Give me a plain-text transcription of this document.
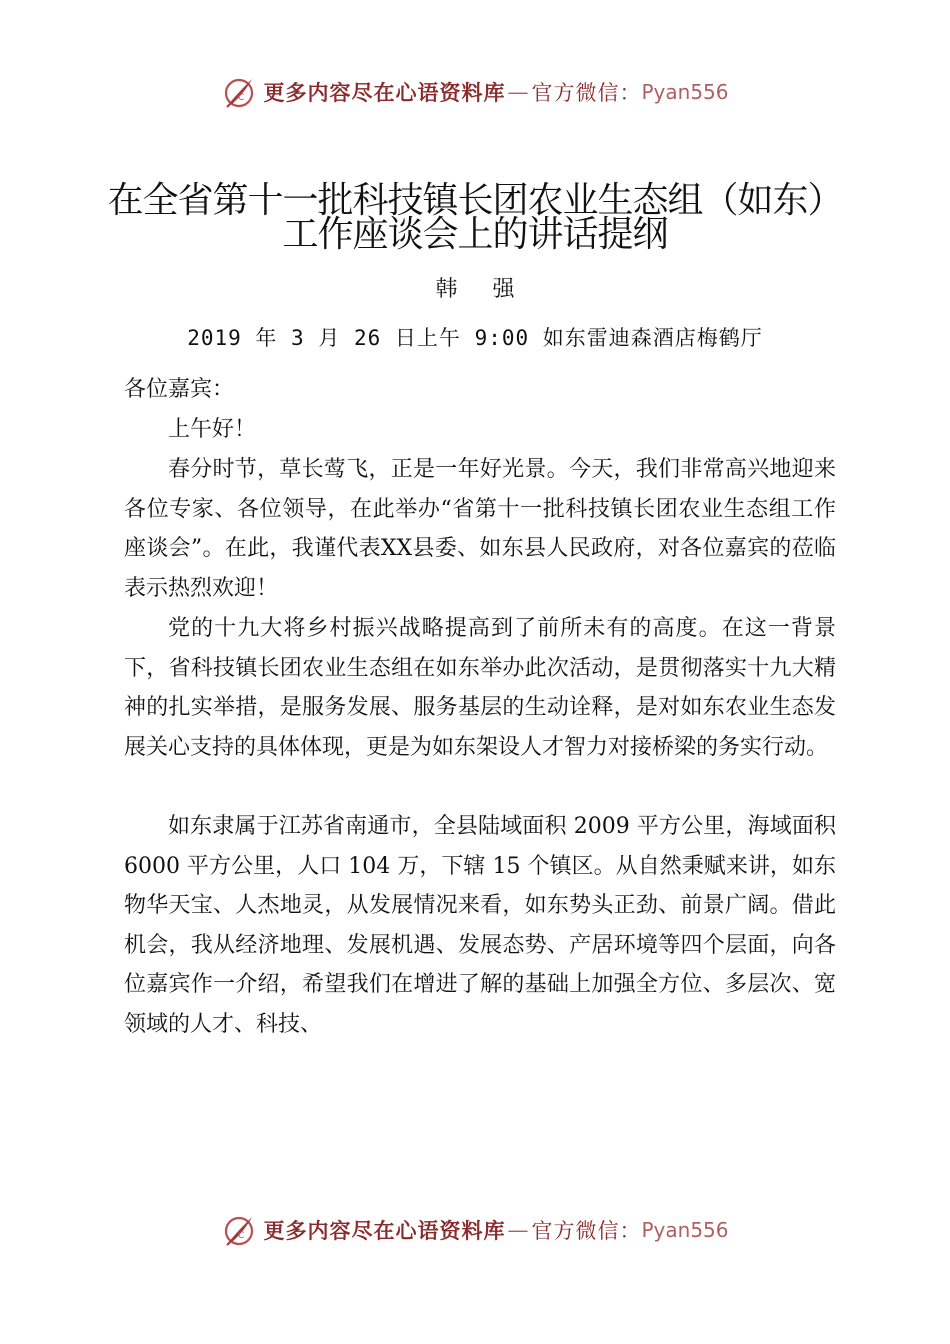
C 更多内容尽在心语资料库 — 官方微信： Pyan556
在全省第十一批科技镇长团农业生态组（如东）
工作座谈会上的讲话提纲
韩 强
2019 年 3 月 26 日上午 9:00 如东雷迪森酒店梅鹤厅
各位嘉宾：

上午好！

春分时节，草长莺飞，正是一年好光景。今天，我们非常高兴地迎来各位专家、各位领导，在此举办“省第十一批科技镇长团农业生态组工作座谈会”。在此，我谨代表XX县委、如东县人民政府，对各位嘉宾的莅临表示热烈欢迎！

党的十九大将乡村振兴战略提高到了前所未有的高度。在这一背景下，省科技镇长团农业生态组在如东举办此次活动，是贯彻落实十九大精神的扎实举措，是服务发展、服务基层的生动诠释，是对如东农业生态发展关心支持的具体体现，更是为如东架设人才智力对接桥梁的务实行动。

如东隶属于江苏省南通市，全县陆域面积 2009 平方公里，海域面积 6000 平方公里，人口 104 万，下辖 15 个镇区。从自然秉赋来讲，如东物华天宝、人杰地灵，从发展情况来看，如东势头正劲、前景广阔。借此机会，我从经济地理、发展机遇、发展态势、产居环境等四个层面，向各位嘉宾作一介绍，希望我们在增进了解的基础上加强全方位、多层次、宽领域的人才、科技、

C 更多内容尽在心语资料库 — 官方微信： Pyan556
